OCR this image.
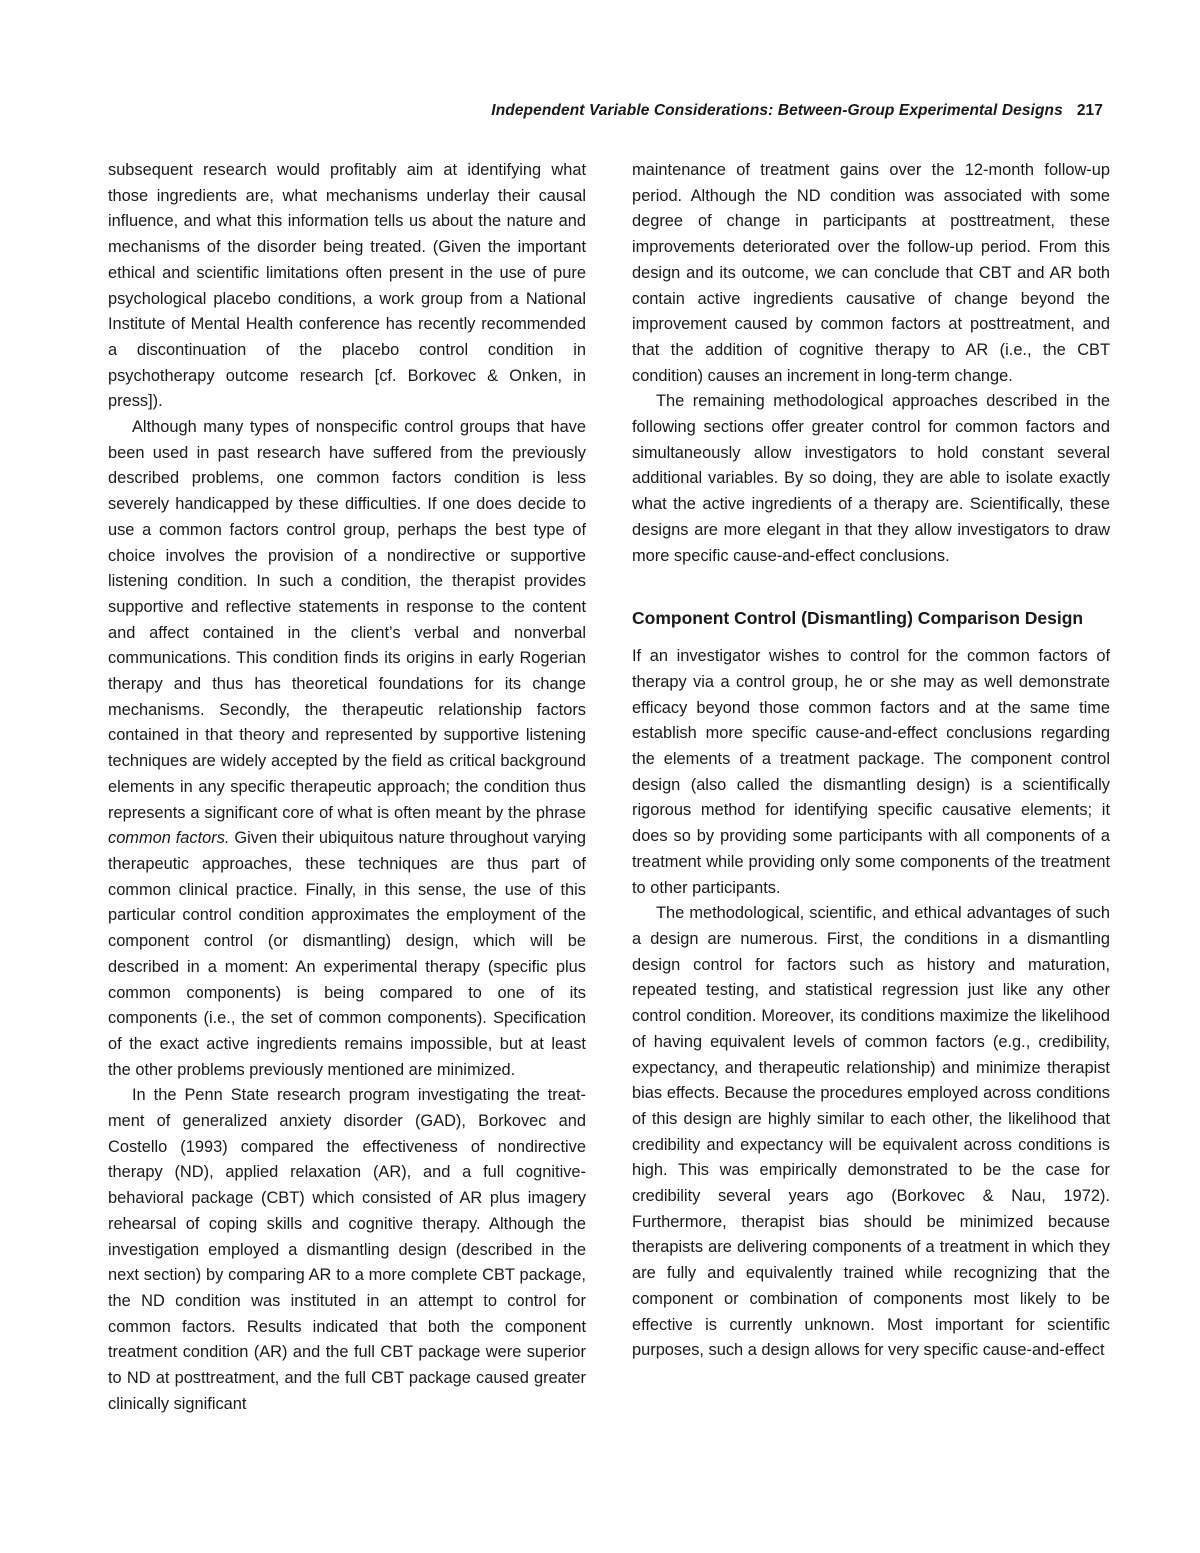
Independent Variable Considerations: Between-Group Experimental Designs 217

subsequent research would profitably aim at identifying what those ingredients are, what mechanisms underlay their causal influence, and what this information tells us about the nature and mechanisms of the disorder being treated. (Given the important ethical and scientific limitations often present in the use of pure psychological placebo conditions, a work group from a National Institute of Mental Health conference has recently recommended a discontinuation of the placebo control condition in psychotherapy outcome research [cf. Borkovec & Onken, in press]).

Although many types of nonspecific control groups that have been used in past research have suffered from the previously described problems, one common factors condition is less severely handicapped by these difficulties. If one does decide to use a common factors control group, perhaps the best type of choice involves the provision of a nondirective or supportive listening condition. In such a condition, the therapist provides supportive and reflective statements in response to the content and affect contained in the client’s verbal and nonverbal communications. This condition finds its origins in early Rogerian therapy and thus has theoretical foundations for its change mechanisms. Secondly, the therapeutic relationship factors contained in that theory and represented by supportive listening techniques are widely accepted by the field as critical background elements in any specific therapeutic approach; the condition thus represents a significant core of what is often meant by the phrase common factors. Given their ubiquitous nature throughout varying therapeutic approaches, these techniques are thus part of common clinical practice. Finally, in this sense, the use of this particular control condition approximates the employment of the component control (or dismantling) design, which will be described in a moment: An experimental therapy (specific plus common components) is being compared to one of its components (i.e., the set of common components). Specification of the exact active ingredients remains impossible, but at least the other problems previously mentioned are minimized.

In the Penn State research program investigating the treatment of generalized anxiety disorder (GAD), Borkovec and Costello (1993) compared the effectiveness of nondirective therapy (ND), applied relaxation (AR), and a full cognitive-behavioral package (CBT) which consisted of AR plus imagery rehearsal of coping skills and cognitive therapy. Although the investigation employed a dismantling design (described in the next section) by comparing AR to a more complete CBT package, the ND condition was instituted in an attempt to control for common factors. Results indicated that both the component treatment condition (AR) and the full CBT package were superior to ND at posttreatment, and the full CBT package caused greater clinically significant

maintenance of treatment gains over the 12-month follow-up period. Although the ND condition was associated with some degree of change in participants at posttreatment, these improvements deteriorated over the follow-up period. From this design and its outcome, we can conclude that CBT and AR both contain active ingredients causative of change beyond the improvement caused by common factors at posttreatment, and that the addition of cognitive therapy to AR (i.e., the CBT condition) causes an increment in long-term change.

The remaining methodological approaches described in the following sections offer greater control for common factors and simultaneously allow investigators to hold constant several additional variables. By so doing, they are able to isolate exactly what the active ingredients of a therapy are. Scientifically, these designs are more elegant in that they allow investigators to draw more specific cause-and-effect conclusions.

Component Control (Dismantling) Comparison Design

If an investigator wishes to control for the common factors of therapy via a control group, he or she may as well demonstrate efficacy beyond those common factors and at the same time establish more specific cause-and-effect conclusions regarding the elements of a treatment package. The component control design (also called the dismantling design) is a scientifically rigorous method for identifying specific causative elements; it does so by providing some participants with all components of a treatment while providing only some components of the treatment to other participants.

The methodological, scientific, and ethical advantages of such a design are numerous. First, the conditions in a dismantling design control for factors such as history and maturation, repeated testing, and statistical regression just like any other control condition. Moreover, its conditions maximize the likelihood of having equivalent levels of common factors (e.g., credibility, expectancy, and therapeutic relationship) and minimize therapist bias effects. Because the procedures employed across conditions of this design are highly similar to each other, the likelihood that credibility and expectancy will be equivalent across conditions is high. This was empirically demonstrated to be the case for credibility several years ago (Borkovec & Nau, 1972). Furthermore, therapist bias should be minimized because therapists are delivering components of a treatment in which they are fully and equivalently trained while recognizing that the component or combination of components most likely to be effective is currently unknown. Most important for scientific purposes, such a design allows for very specific cause-and-effect
